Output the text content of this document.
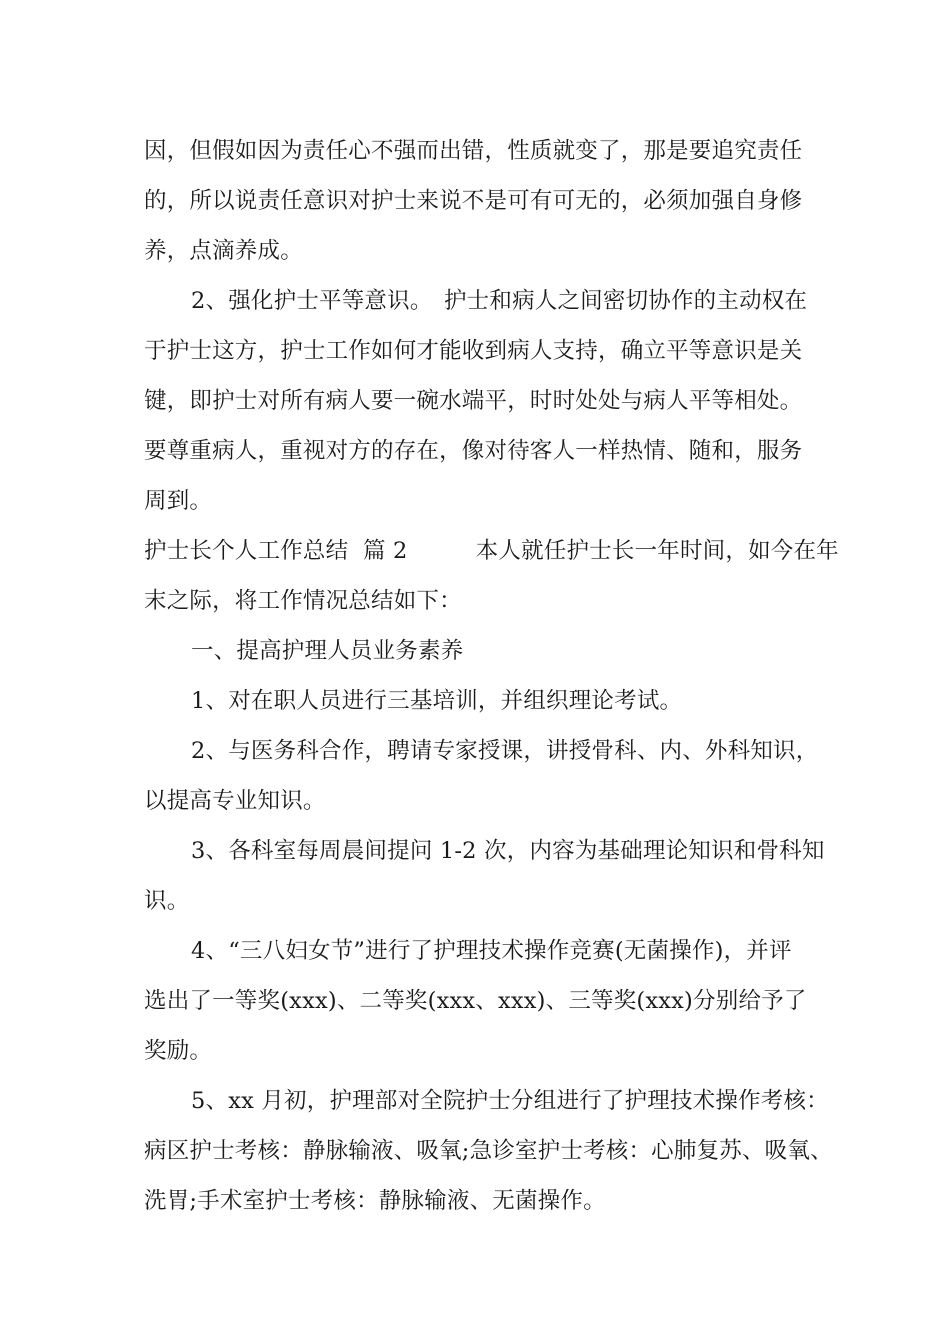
因，但假如因为责任心不强而出错，性质就变了，那是要追究责任
的，所以说责任意识对护士来说不是可有可无的，必须加强自身修
养，点滴养成。
2、强化护士平等意识。　护士和病人之间密切协作的主动权在
于护士这方，护士工作如何才能收到病人支持，确立平等意识是关
键，即护士对所有病人要一碗水端平，时时处处与病人平等相处。
要尊重病人，重视对方的存在，像对待客人一样热情、随和，服务
周到。
护士长个人工作总结  篇 2　　　本人就任护士长一年时间，如今在年
末之际，将工作情况总结如下：
一、提高护理人员业务素养
1、对在职人员进行三基培训，并组织理论考试。
2、与医务科合作，聘请专家授课，讲授骨科、内、外科知识，
以提高专业知识。
3、各科室每周晨间提问 1-2 次，内容为基础理论知识和骨科知
识。
4、“三八妇女节”进行了护理技术操作竞赛(无菌操作)，并评
选出了一等奖(xxx)、二等奖(xxx、xxx)、三等奖(xxx)分别给予了
奖励。
5、xx 月初，护理部对全院护士分组进行了护理技术操作考核：
病区护士考核：静脉输液、吸氧;急诊室护士考核：心肺复苏、吸氧、
洗胃;手术室护士考核：静脉输液、无菌操作。
